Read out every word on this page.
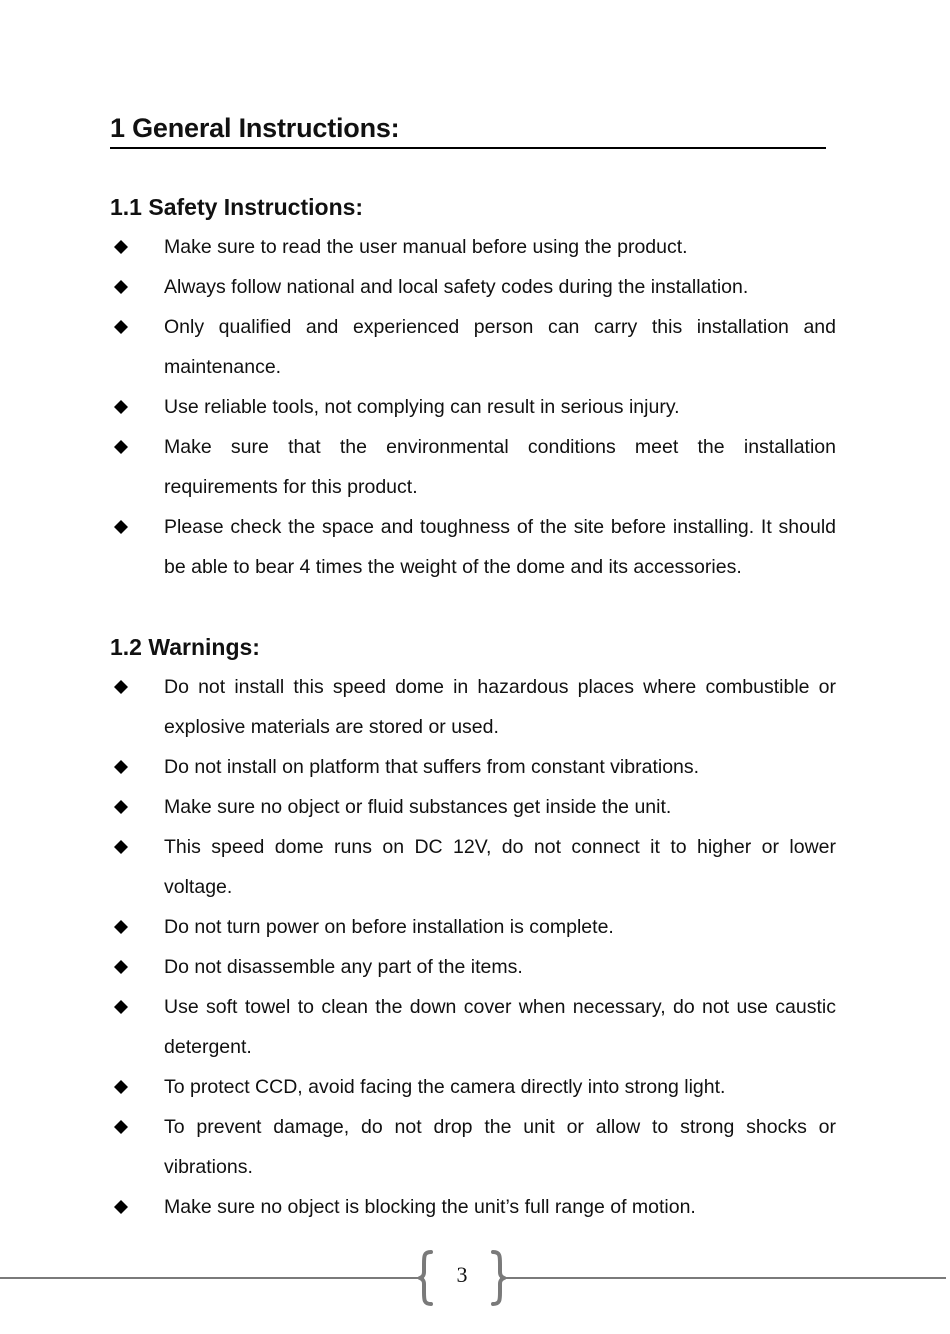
1 General Instructions:
1.1 Safety Instructions:
Make sure to read the user manual before using the product.
Always follow national and local safety codes during the installation.
Only qualified and experienced person can carry this installation and maintenance.
Use reliable tools, not complying can result in serious injury.
Make sure that the environmental conditions meet the installation requirements for this product.
Please check the space and toughness of the site before installing. It should be able to bear 4 times the weight of the dome and its accessories.
1.2 Warnings:
Do not install this speed dome in hazardous places where combustible or explosive materials are stored or used.
Do not install on platform that suffers from constant vibrations.
Make sure no object or fluid substances get inside the unit.
This speed dome runs on DC 12V, do not connect it to higher or lower voltage.
Do not turn power on before installation is complete.
Do not disassemble any part of the items.
Use soft towel to clean the down cover when necessary, do not use caustic detergent.
To protect CCD, avoid facing the camera directly into strong light.
To prevent damage, do not drop the unit or allow to strong shocks or vibrations.
Make sure no object is blocking the unit’s full range of motion.
3
